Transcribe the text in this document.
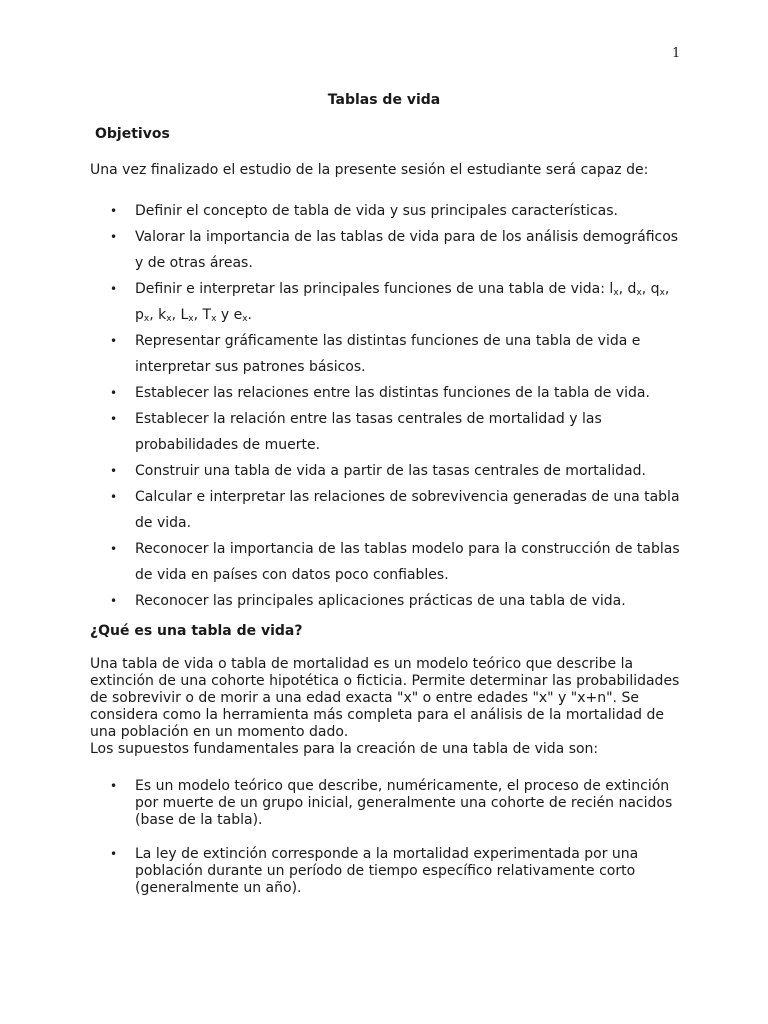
1
Tablas de vida
Objetivos
Una vez finalizado el estudio de la presente sesión el estudiante será capaz de:
• Definir el concepto de tabla de vida y sus principales características.
• Valorar la importancia de las tablas de vida para de los análisis demográficos y de otras áreas.
• Definir e interpretar las principales funciones de una tabla de vida: $l_x$, $d_x$, $q_x$, $p_x$, $k_x$, $L_x$, $T_x$ y $e_x$.
• Representar gráficamente las distintas funciones de una tabla de vida e interpretar sus patrones básicos.
• Establecer las relaciones entre las distintas funciones de la tabla de vida.
• Establecer la relación entre las tasas centrales de mortalidad y las probabilidades de muerte.
• Construir una tabla de vida a partir de las tasas centrales de mortalidad.
• Calcular e interpretar las relaciones de sobrevivencia generadas de una tabla de vida.
• Reconocer la importancia de las tablas modelo para la construcción de tablas de vida en países con datos poco confiables.
• Reconocer las principales aplicaciones prácticas de una tabla de vida.
¿Qué es una tabla de vida?
Una tabla de vida o tabla de mortalidad es un modelo teórico que describe la extinción de una cohorte hipotética o ficticia. Permite determinar las probabilidades de sobrevivir o de morir a una edad exacta "x" o entre edades "x" y "x+n". Se considera como la herramienta más completa para el análisis de la mortalidad de una población en un momento dado.
Los supuestos fundamentales para la creación de una tabla de vida son:
• Es un modelo teórico que describe, numéricamente, el proceso de extinción por muerte de un grupo inicial, generalmente una cohorte de recién nacidos (base de la tabla).
• La ley de extinción corresponde a la mortalidad experimentada por una población durante un período de tiempo específico relativamente corto (generalmente un año).
